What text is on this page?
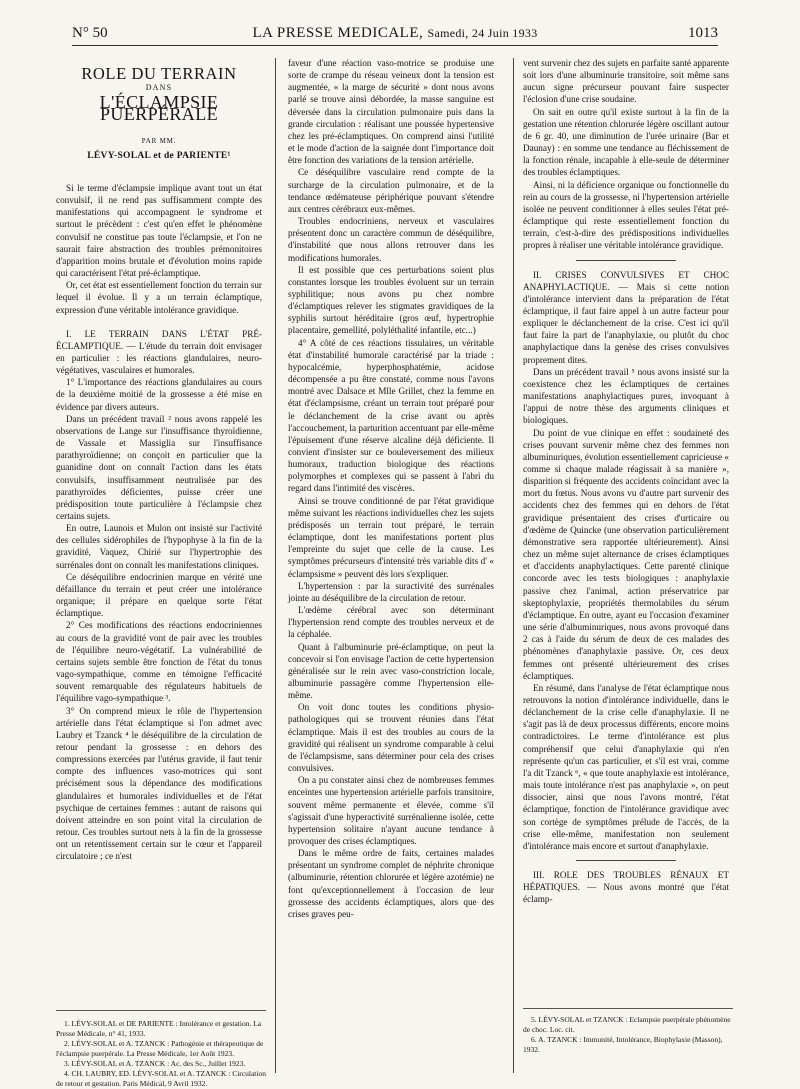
N° 50	LA PRESSE MEDICALE, Samedi, 24 Juin 1933	1013
ROLE DU TERRAIN
DANS
L'ÉCLAMPSIE PUERPÉRALE
PAR MM.
LÉVY-SOLAL et de PARIENTE¹

Si le terme d'éclampsie implique avant tout un état convulsif, il ne rend pas suffisamment compte des manifestations qui accompagnent le syndrome et surtout le précèdent : c'est qu'en effet le phénomène convulsif ne constitue pas toute l'éclampsie, et l'on ne saurait faire abstraction des troubles prémonitoires d'apparition moins brutale et d'évolution moins rapide qui caractérisent l'état pré-éclamptique.

Or, cet état est essentiellement fonction du terrain sur lequel il évolue. Il y a un terrain éclamptique, expression d'une véritable intolérance gravidique.

I. LE TERRAIN DANS L'ÉTAT PRÉ-ÉCLAMPTIQUE. — L'étude du terrain doit envisager en particulier : les réactions glandulaires, neuro-végétatives, vasculaires et humorales.

1° L'importance des réactions glandulaires au cours de la deuxième moitié de la grossesse a été mise en évidence par divers auteurs.

Dans un précédent travail ² nous avons rappelé les observations de Lange sur l'insuffisance thyroïdienne, de Vassale et Massiglia sur l'insuffisance parathyroïdienne; on conçoit en particulier que la guanidine dont on connaît l'action dans les états convulsifs, insuffisamment neutralisée par des parathyroïdes déficientes, puisse créer une prédisposition toute particulière à l'éclampsie chez certains sujets.

En outre, Launois et Mulon ont insisté sur l'activité des cellules sidérophiles de l'hypophyse à la fin de la gravidité, Vaquez, Chirié sur l'hypertrophie des surrénales dont on connaît les manifestations cliniques.

Ce déséquilibre endocrinien marque en vérité une défaillance du terrain et peut créer une intolérance organique; il prépare en quelque sorte l'état éclamptique.

2° Ces modifications des réactions endocriniennes au cours de la gravidité vont de pair avec les troubles de l'équilibre neuro-végétatif. La vulnérabilité de certains sujets semble être fonction de l'état du tonus vago-sympathique, comme en témoigne l'efficacité souvent remarquable des régulateurs habituels de l'équilibre vago-sympathique ³.

3° On comprend mieux le rôle de l'hypertension artérielle dans l'état éclamptique si l'on admet avec Laubry et Tzanck ⁴ le déséquilibre de la circulation de retour pendant la grossesse : en dehors des compressions exercées par l'utérus gravide, il faut tenir compte des influences vaso-motrices qui sont précisément sous la dépendance des modifications glandulaires et humorales individuelles et de l'état psychique de certaines femmes : autant de raisons qui doivent atteindre en son point vital la circulation de retour. Ces troubles surtout nets à la fin de la grossesse ont un retentissement certain sur le cœur et l'appareil circulatoire ; ce n'est

faveur d'une réaction vaso-motrice se produise une sorte de crampe du réseau veineux dont la tension est augmentée, « la marge de sécurité » dont nous avons parlé se trouve ainsi débordée, la masse sanguine est déversée dans la circulation pulmonaire puis dans la grande circulation : réalisant une poussée hypertensive chez les pré-éclamptiques. On comprend ainsi l'utilité et le mode d'action de la saignée dont l'importance doit être fonction des variations de la tension artérielle.

Ce déséquilibre vasculaire rend compte de la surcharge de la circulation pulmonaire, et de la tendance œdémateuse périphérique pouvant s'étendre aux centres cérébraux eux-mêmes.

Troubles endocriniens, nerveux et vasculaires présentent donc un caractère commun de déséquilibre, d'instabilité que nous allons retrouver dans les modifications humorales.

Il est possible que ces perturbations soient plus constantes lorsque les troubles évoluent sur un terrain syphilitique; nous avons pu chez nombre d'éclamptiques relever les stigmates gravidiques de la syphilis surtout héréditaire (gros œuf, hypertrophie placentaire, gemellité, polyléthalité infantile, etc...)

4° A côté de ces réactions tissulaires, un véritable état d'instabilité humorale caractérisé par la triade : hypocalcémie, hyperphosphatémie, acidose décompensée a pu être constaté, comme nous l'avons montré avec Dalsace et Mlle Grillet, chez la femme en état d'éclampsisme, créant un terrain tout préparé pour le déclanchement de la crise avant ou après l'accouchement, la parturition accentuant par elle-même l'épuisement d'une réserve alcaline déjà déficiente. Il convient d'insister sur ce bouleversement des milieux humoraux, traduction biologique des réactions polymorphes et complexes qui se passent à l'abri du regard dans l'intimité des viscères.

Ainsi se trouve conditionné de par l'état gravidique même suivant les réactions individuelles chez les sujets prédisposés un terrain tout préparé, le terrain éclamptique, dont les manifestations portent plus l'empreinte du sujet que celle de la cause. Les symptômes précurseurs d'intensité très variable dits d' « éclampsisme » peuvent dès lors s'expliquer.

L'hypertension : par la suractivité des surrénales jointe au déséquilibre de la circulation de retour.

L'œdème cérébral avec son déterminant l'hypertension rend compte des troubles nerveux et de la céphalée.

Quant à l'albuminurie pré-éclamptique, on peut la concevoir si l'on envisage l'action de cette hypertension généralisée sur le rein avec vaso-constriction locale, albuminurie passagère comme l'hypertension elle-même.

On voit donc toutes les conditions physio-pathologiques qui se trouvent réunies dans l'état éclamptique. Mais il est des troubles au cours de la gravidité qui réalisent un syndrome comparable à celui de l'éclampsisme, sans déterminer pour cela des crises convulsives.

On a pu constater ainsi chez de nombreuses femmes enceintes une hypertension artérielle parfois transitoire, souvent même permanente et élevée, comme s'il s'agissait d'une hyperactivité surrénalienne isolée, cette hypertension solitaire n'ayant aucune tendance à provoquer des crises éclamptiques.

Dans le même ordre de faits, certaines malades présentant un syndrome complet de néphrite chronique (albuminurie, rétention chlorurée et légère azotémie) ne font qu'exceptionnellement à l'occasion de leur grossesse des accidents éclamptiques, alors que des crises graves peu-

vent survenir chez des sujets en parfaite santé apparente soit lors d'une albuminurie transitoire, soit même sans aucun signe précurseur pouvant faire suspecter l'éclosion d'une crise soudaine.

On sait en outre qu'il existe surtout à la fin de la gestation une rétention chlorurée légère oscillant autour de 6 gr. 40, une diminution de l'urée urinaire (Bar et Daunay) : en somme une tendance au fléchissement de la fonction rénale, incapable à elle-seule de déterminer des troubles éclamptiques.

Ainsi, ni la déficience organique ou fonctionnelle du rein au cours de la grossesse, ni l'hypertension artérielle isolée ne peuvent conditionner à elles seules l'état pré-éclamptique qui reste essentiellement fonction du terrain, c'est-à-dire des prédispositions individuelles propres à réaliser une véritable intolérance gravidique.

II. CRISES CONVULSIVES ET CHOC ANAPHYLACTIQUE. — Mais si cette notion d'intolérance intervient dans la préparation de l'état éclamptique, il faut faire appel à un autre facteur pour expliquer le déclanchement de la crise. C'est ici qu'il faut faire la part de l'anaphylaxie, ou plutôt du choc anaphylactique dans la genèse des crises convulsives proprement dites.

Dans un précédent travail ⁵ nous avons insisté sur la coexistence chez les éclamptiques de certaines manifestations anaphylactiques pures, invoquant à l'appui de notre thèse des arguments cliniques et biologiques.

Du point de vue clinique en effet : soudaineté des crises pouvant survenir même chez des femmes non albuminuriques, évolution essentiellement capricieuse « comme si chaque malade réagissait à sa manière », disparition si fréquente des accidents coïncidant avec la mort du fœtus. Nous avons vu d'autre part survenir des accidents chez des femmes qui en dehors de l'état gravidique présentaient des crises d'urticaire ou d'œdème de Quincke (une observation particulièrement démonstrative sera rapportée ultérieurement). Ainsi chez un même sujet alternance de crises éclamptiques et d'accidents anaphylactiques. Cette parenté clinique concorde avec les tests biologiques : anaphylaxie passive chez l'animal, action préservatrice par skeptophylaxie, propriétés thermolabiles du sérum d'éclamptique. En outre, ayant eu l'occasion d'examiner une série d'albuminuriques, nous avons provoqué dans 2 cas à l'aide du sérum de deux de ces malades des phénomènes d'anaphylaxie passive. Or, ces deux femmes ont présenté ultérieurement des crises éclamptiques.

En résumé, dans l'analyse de l'état éclamptique nous retrouvons la notion d'intolérance individuelle, dans le déclanchement de la crise celle d'anaphylaxie. Il ne s'agit pas là de deux processus différents, encore moins contradictoires. Le terme d'intolérance est plus compréhensif que celui d'anaphylaxie qui n'en représente qu'un cas particulier, et s'il est vrai, comme l'a dit Tzanck ⁶, « que toute anaphylaxie est intolérance, mais toute intolérance n'est pas anaphylaxie », on peut dissocier, ainsi que nous l'avons montré, l'état éclamptique, fonction de l'intolérance gravidique avec son cortège de symptômes prélude de l'accès, de la crise elle-même, manifestation non seulement d'intolérance mais encore et surtout d'anaphylaxie.

III. ROLE DES TROUBLES RÉNAUX ET HÉPATIQUES. — Nous avons montré que l'état éclamp-

1. LÉVY-SOLAL et DE PARIENTE : Intolérance et gestation. La Presse Médicale, n° 41, 1933.

2. LÉVY-SOLAL et A. TZANCK : Pathogénie et thérapeutique de l'éclampsie puerpérale. La Presse Médicale, 1er Août 1923.

3. LÉVY-SOLAL et A. TZANCK : Ac. des Sc., Juillet 1923.

4. CH. LAUBRY, ED. LÉVY-SOLAL et A. TZANCK : Circulation de retour et gestation. Paris Médical, 9 Avril 1932.

5. LÉVY-SOLAL et TZANCK : Eclampsie puerpérale phénomène de choc. Loc. cit.

6. A. TZANCK : Immunité, Intolérance, Biophylaxie (Masson), 1932.
